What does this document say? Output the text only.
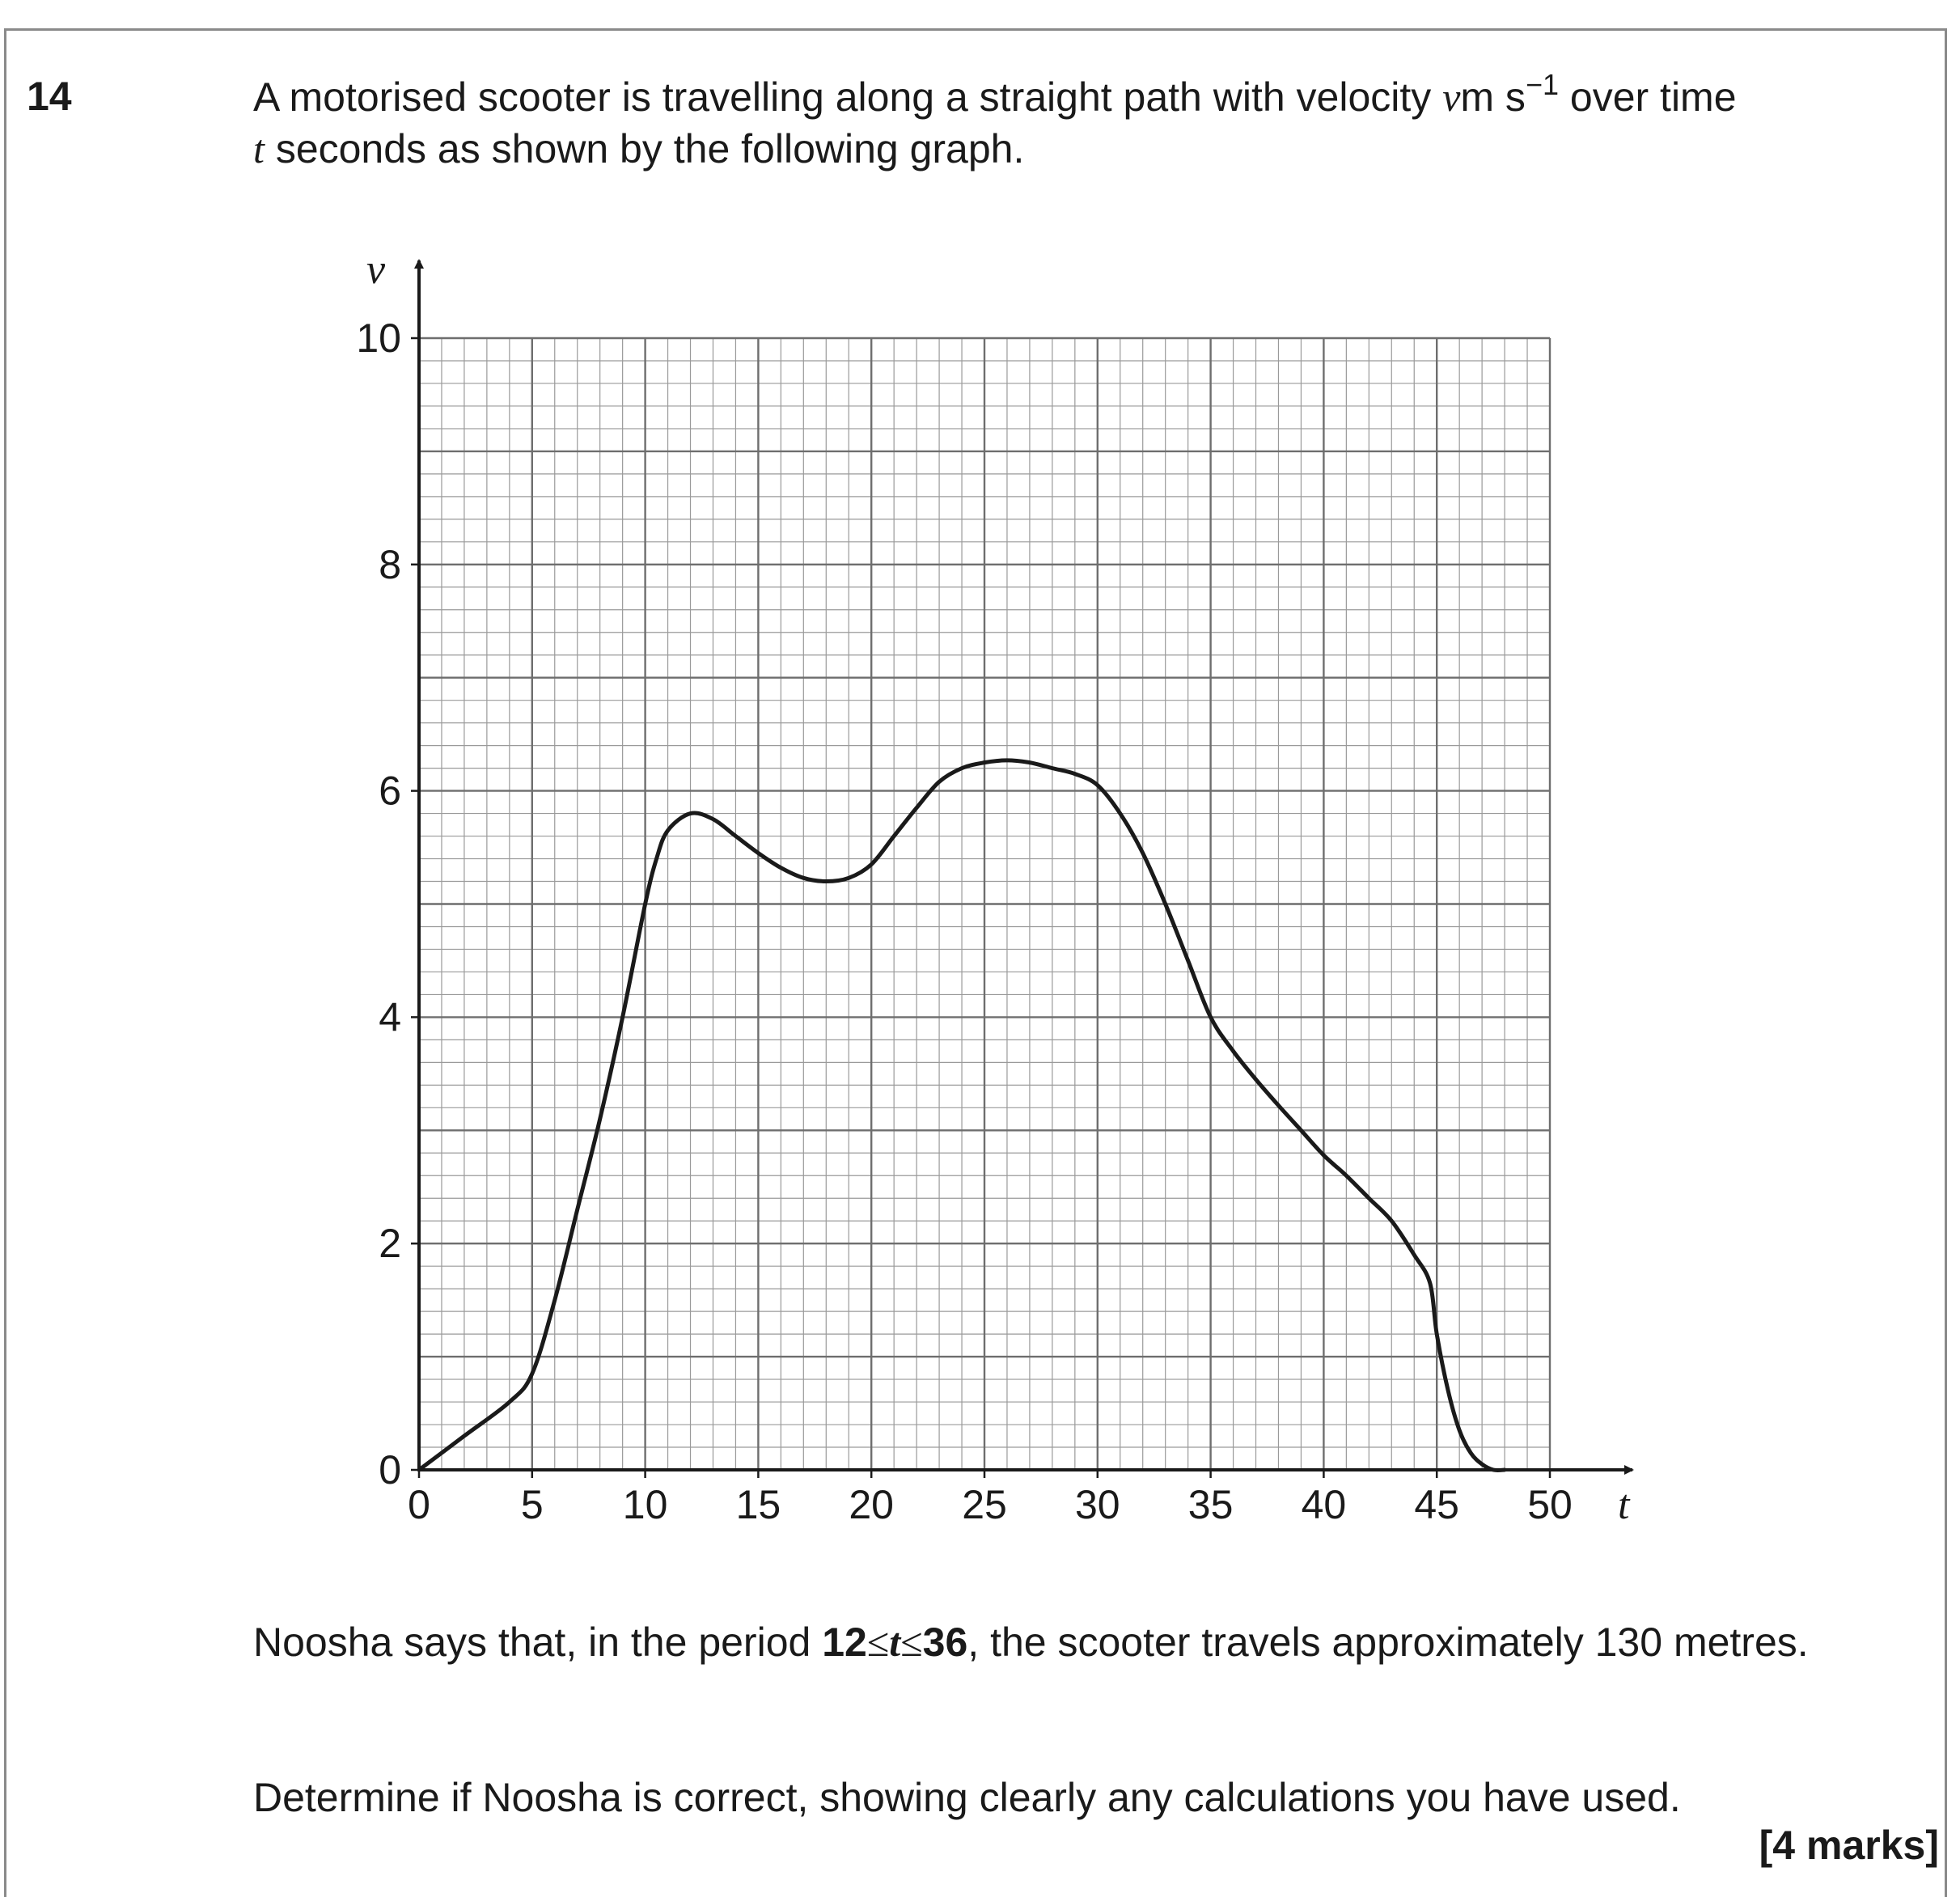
14	A motorised scooter is travelling along a straight path with velocity vm $s^{-1}$ over time
t seconds as shown by the following graph.
0 5 10 15 20 25 30 35 40 45 50
0
2
4
6
8
10
t
v
Noosha says that, in the period 12≤t≤36, the scooter travels approximately 130 metres.
Determine if Noosha is correct, showing clearly any calculations you have used.
[4 marks]
